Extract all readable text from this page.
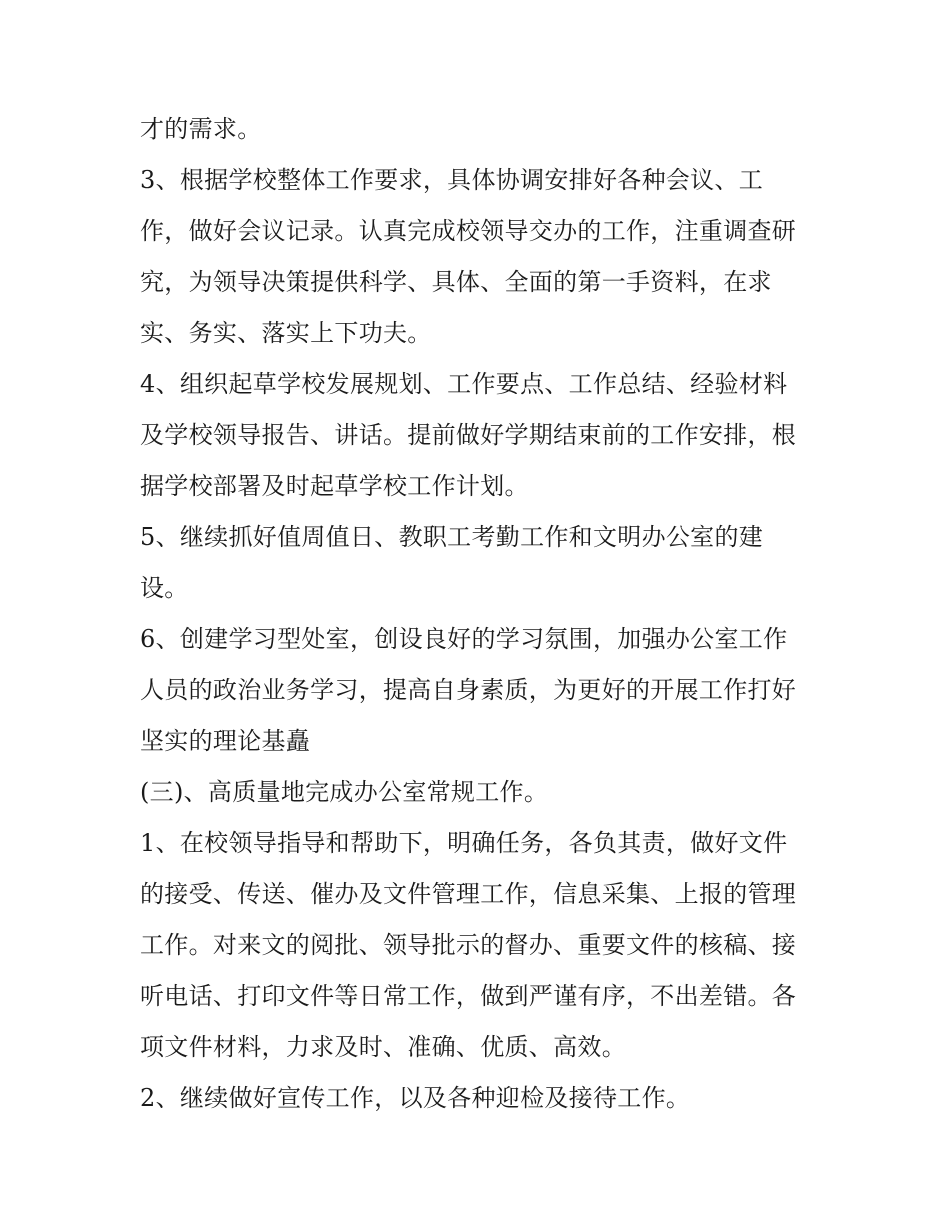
才的需求。
3、根据学校整体工作要求，具体协调安排好各种会议、工
作，做好会议记录。认真完成校领导交办的工作，注重调查研
究，为领导决策提供科学、具体、全面的第一手资料，在求
实、务实、落实上下功夫。
4、组织起草学校发展规划、工作要点、工作总结、经验材料
及学校领导报告、讲话。提前做好学期结束前的工作安排，根
据学校部署及时起草学校工作计划。
5、继续抓好值周值日、教职工考勤工作和文明办公室的建
设。
6、创建学习型处室，创设良好的学习氛围，加强办公室工作
人员的政治业务学习，提高自身素质，为更好的开展工作打好
坚实的理论基矗
(三)、高质量地完成办公室常规工作。
1、在校领导指导和帮助下，明确任务，各负其责，做好文件
的接受、传送、催办及文件管理工作，信息采集、上报的管理
工作。对来文的阅批、领导批示的督办、重要文件的核稿、接
听电话、打印文件等日常工作，做到严谨有序，不出差错。各
项文件材料，力求及时、准确、优质、高效。
2、继续做好宣传工作，以及各种迎检及接待工作。
